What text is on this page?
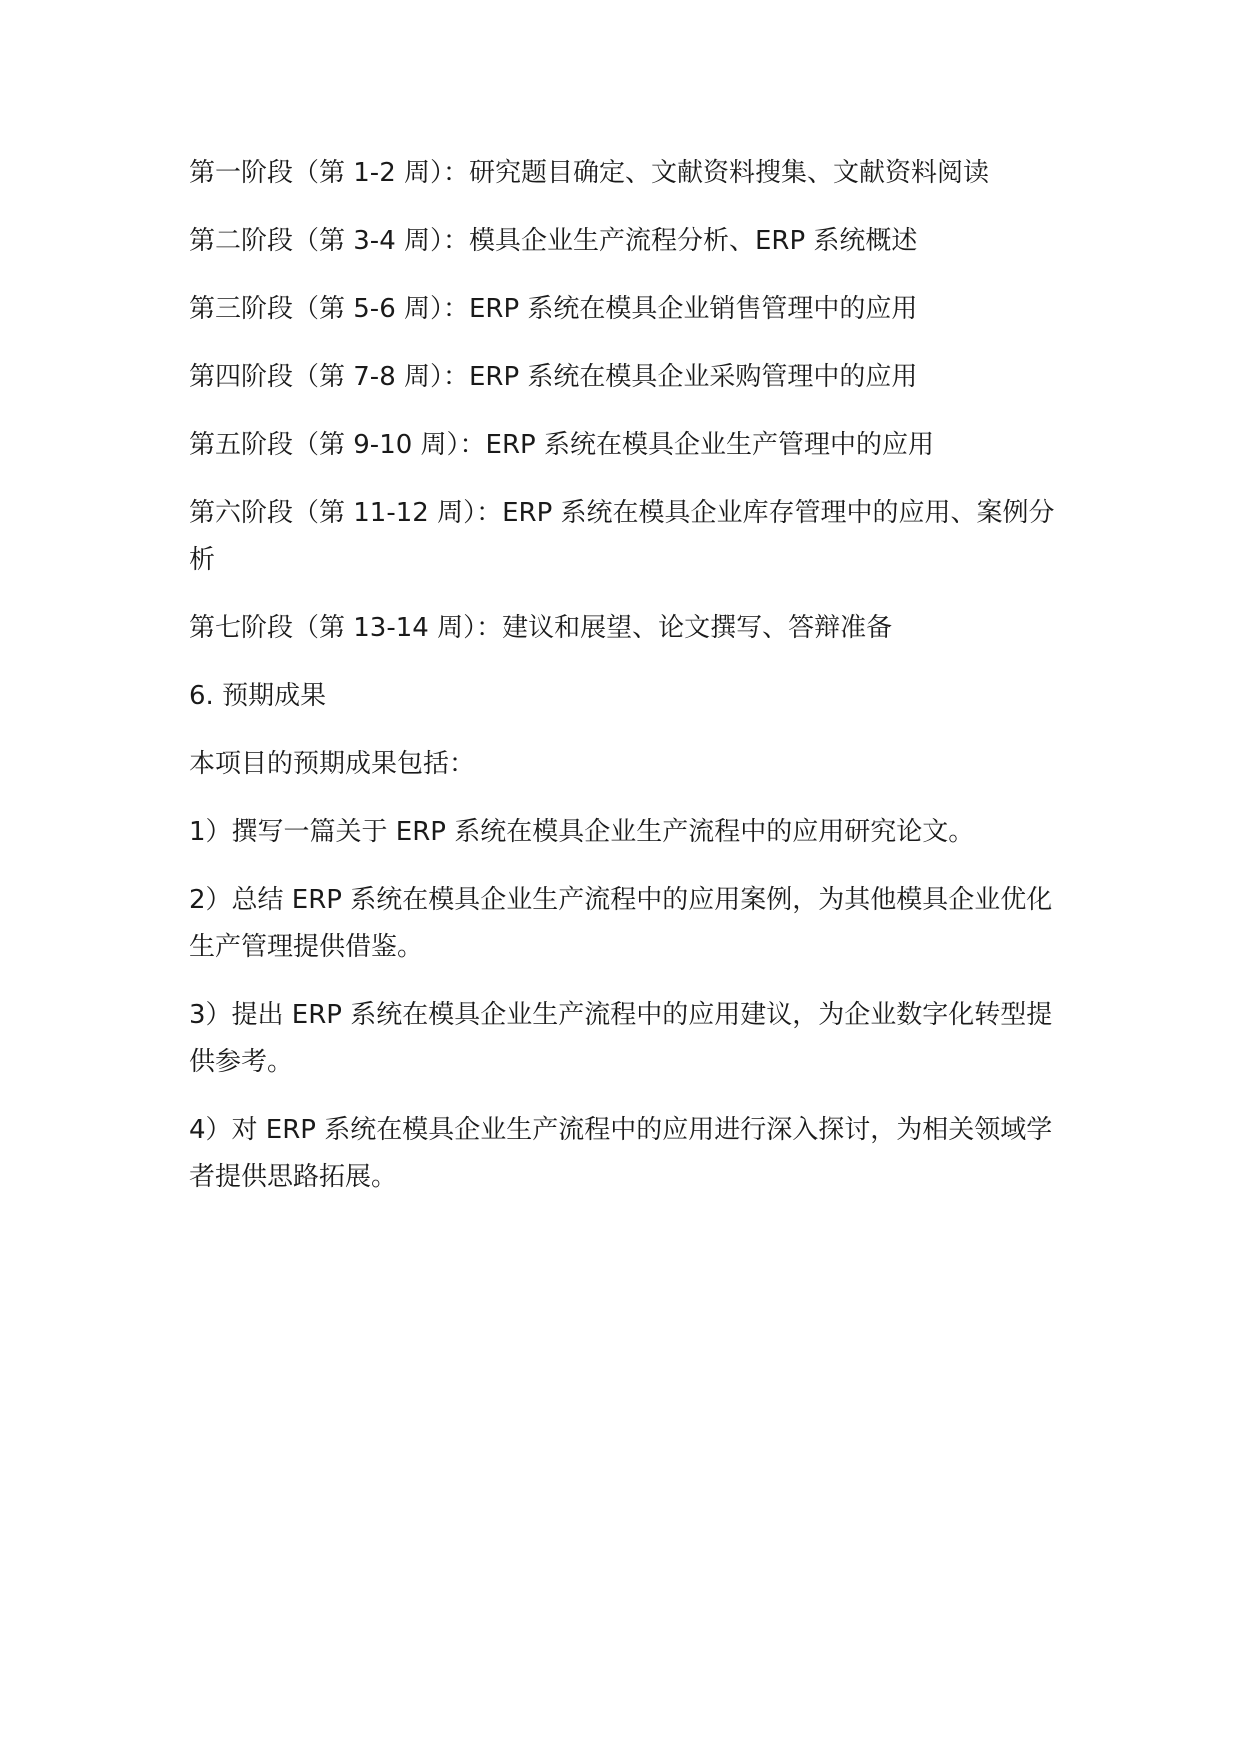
第一阶段（第 1-2 周）：研究题目确定、文献资料搜集、文献资料阅读

第二阶段（第 3-4 周）：模具企业生产流程分析、ERP 系统概述

第三阶段（第 5-6 周）：ERP 系统在模具企业销售管理中的应用

第四阶段（第 7-8 周）：ERP 系统在模具企业采购管理中的应用

第五阶段（第 9-10 周）：ERP 系统在模具企业生产管理中的应用

第六阶段（第 11-12 周）：ERP 系统在模具企业库存管理中的应用、案例分析

第七阶段（第 13-14 周）：建议和展望、论文撰写、答辩准备

6. 预期成果

本项目的预期成果包括：

1）撰写一篇关于 ERP 系统在模具企业生产流程中的应用研究论文。

2）总结 ERP 系统在模具企业生产流程中的应用案例，为其他模具企业优化生产管理提供借鉴。

3）提出 ERP 系统在模具企业生产流程中的应用建议，为企业数字化转型提供参考。

4）对 ERP 系统在模具企业生产流程中的应用进行深入探讨，为相关领域学者提供思路拓展。
